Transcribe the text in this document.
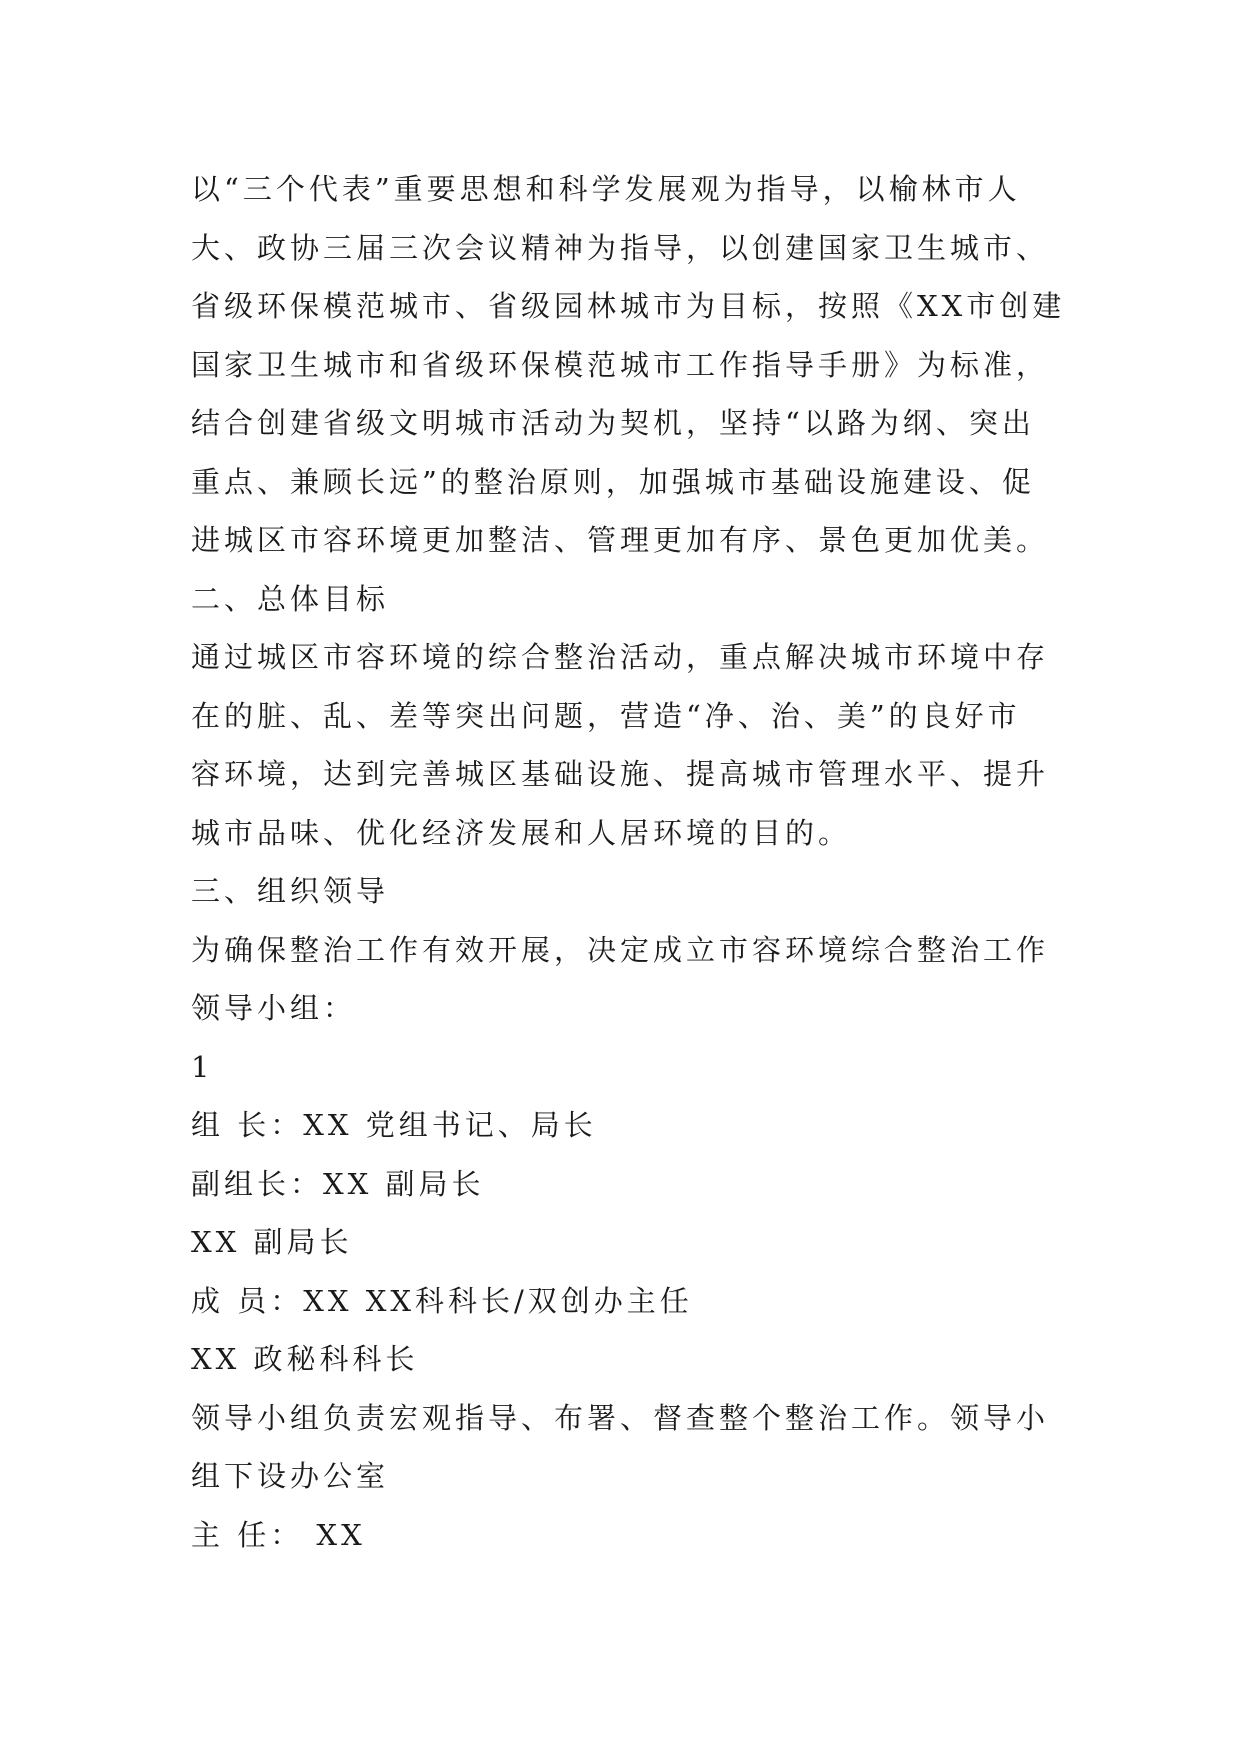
以“三个代表”重要思想和科学发展观为指导，以榆林市人
大、政协三届三次会议精神为指导，以创建国家卫生城市、
省级环保模范城市、省级园林城市为目标，按照《XX市创建
国家卫生城市和省级环保模范城市工作指导手册》为标准，
结合创建省级文明城市活动为契机，坚持“以路为纲、突出
重点、兼顾长远”的整治原则，加强城市基础设施建设、促
进城区市容环境更加整洁、管理更加有序、景色更加优美。
二、总体目标
通过城区市容环境的综合整治活动，重点解决城市环境中存
在的脏、乱、差等突出问题，营造“净、治、美”的良好市
容环境，达到完善城区基础设施、提高城市管理水平、提升
城市品味、优化经济发展和人居环境的目的。
三、组织领导
为确保整治工作有效开展，决定成立市容环境综合整治工作
领导小组：
1
组 长：XX 党组书记、局长
副组长：XX 副局长
XX 副局长
成 员：XX XX科科长/双创办主任
XX 政秘科科长
领导小组负责宏观指导、布署、督查整个整治工作。领导小
组下设办公室
主 任： XX
